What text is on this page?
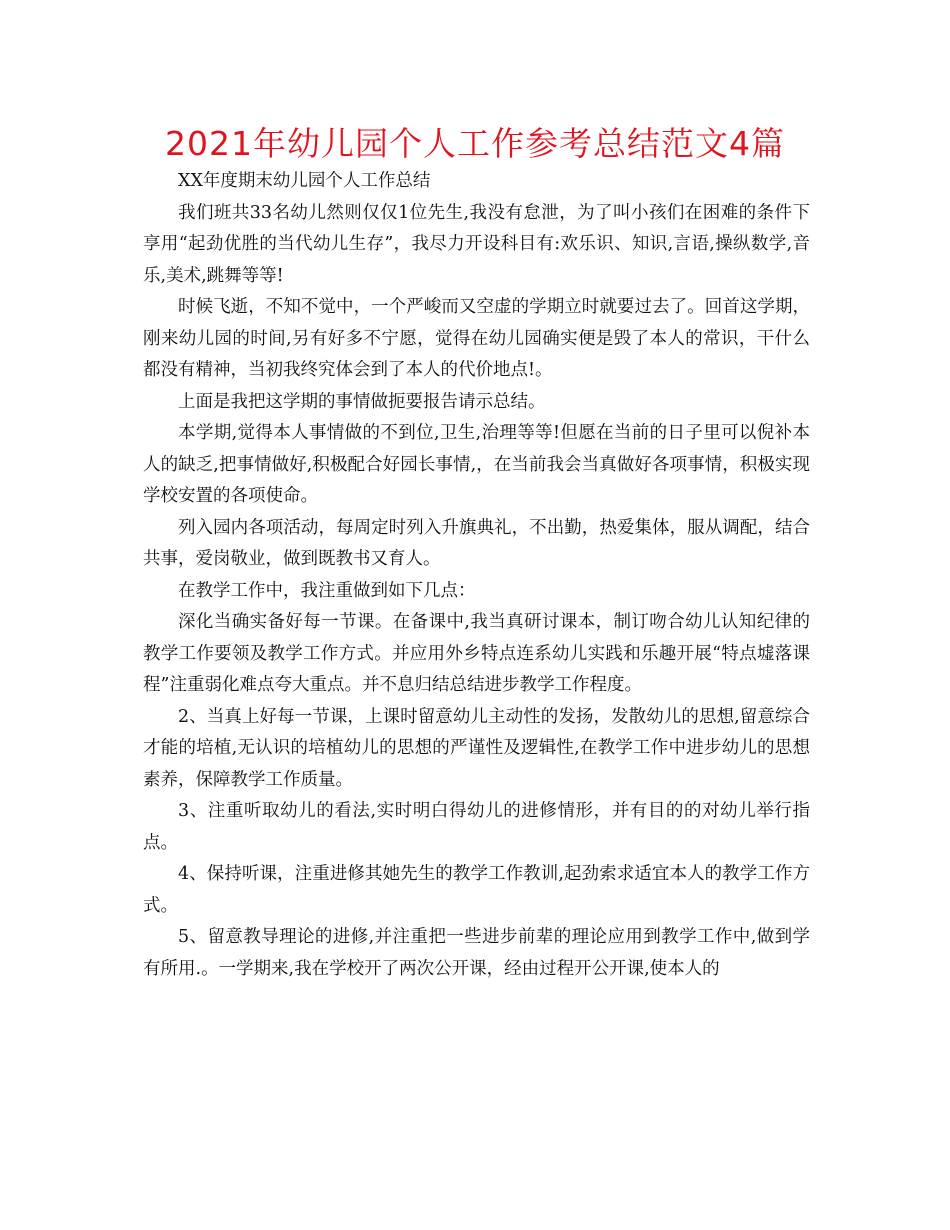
2021年幼儿园个人工作参考总结范文4篇

XX年度期末幼儿园个人工作总结

我们班共33名幼儿然则仅仅1位先生,我没有怠泄，为了叫小孩们在困难的条件下享用“起劲优胜的当代幼儿生存”，我尽力开设科目有:欢乐识、知识,言语,操纵数学,音乐,美术,跳舞等等!

时候飞逝，不知不觉中，一个严峻而又空虚的学期立时就要过去了。回首这学期，刚来幼儿园的时间,另有好多不宁愿，觉得在幼儿园确实便是毁了本人的常识，干什么都没有精神，当初我终究体会到了本人的代价地点!。

上面是我把这学期的事情做扼要报告请示总结。

本学期,觉得本人事情做的不到位,卫生,治理等等!但愿在当前的日子里可以倪补本人的缺乏,把事情做好,积极配合好园长事情,，在当前我会当真做好各项事情，积极实现学校安置的各项使命。

列入园内各项活动，每周定时列入升旗典礼，不出勤，热爱集体，服从调配，结合共事，爱岗敬业，做到既教书又育人。

在教学工作中，我注重做到如下几点：

深化当确实备好每一节课。在备课中,我当真研讨课本，制订吻合幼儿认知纪律的教学工作要领及教学工作方式。并应用外乡特点连系幼儿实践和乐趣开展“特点墟落课程”注重弱化难点夸大重点。并不息归结总结进步教学工作程度。

2、当真上好每一节课，上课时留意幼儿主动性的发扬，发散幼儿的思想,留意综合才能的培植,无认识的培植幼儿的思想的严谨性及逻辑性,在教学工作中进步幼儿的思想素养，保障教学工作质量。

3、注重听取幼儿的看法,实时明白得幼儿的进修情形，并有目的的对幼儿举行指点。

4、保持听课，注重进修其她先生的教学工作教训,起劲索求适宜本人的教学工作方式。

5、留意教导理论的进修,并注重把一些进步前辈的理论应用到教学工作中,做到学有所用.。一学期来,我在学校开了两次公开课，经由过程开公开课,使本人的
